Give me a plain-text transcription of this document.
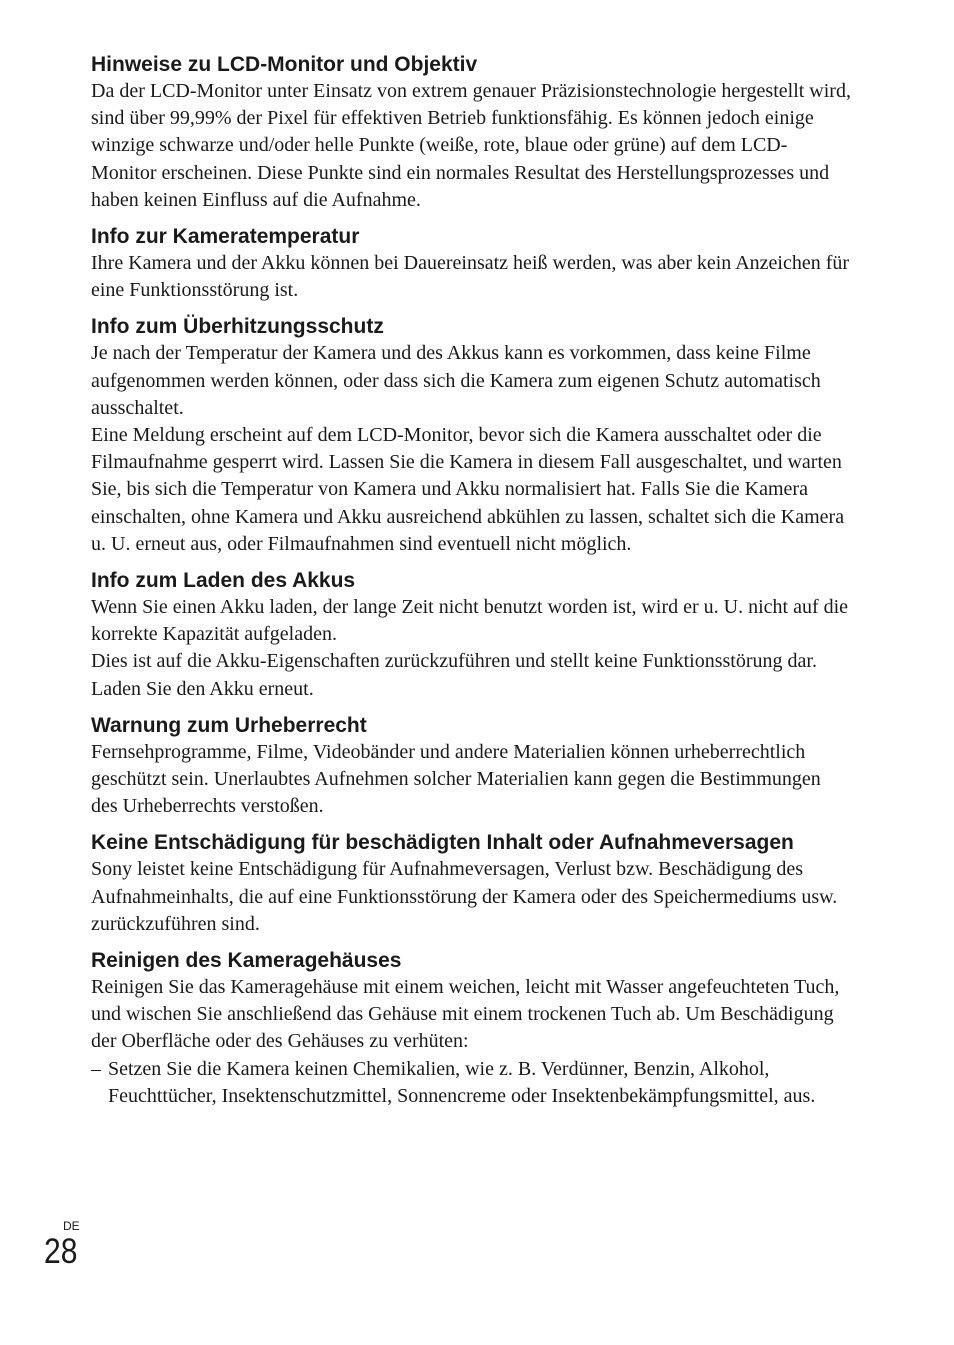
Hinweise zu LCD-Monitor und Objektiv

Da der LCD-Monitor unter Einsatz von extrem genauer Präzisionstechnologie hergestellt wird, sind über 99,99% der Pixel für effektiven Betrieb funktionsfähig. Es können jedoch einige winzige schwarze und/oder helle Punkte (weiße, rote, blaue oder grüne) auf dem LCD-Monitor erscheinen. Diese Punkte sind ein normales Resultat des Herstellungsprozesses und haben keinen Einfluss auf die Aufnahme.

Info zur Kameratemperatur

Ihre Kamera und der Akku können bei Dauereinsatz heiß werden, was aber kein Anzeichen für eine Funktionsstörung ist.

Info zum Überhitzungsschutz

Je nach der Temperatur der Kamera und des Akkus kann es vorkommen, dass keine Filme aufgenommen werden können, oder dass sich die Kamera zum eigenen Schutz automatisch ausschaltet.

Eine Meldung erscheint auf dem LCD-Monitor, bevor sich die Kamera ausschaltet oder die Filmaufnahme gesperrt wird. Lassen Sie die Kamera in diesem Fall ausgeschaltet, und warten Sie, bis sich die Temperatur von Kamera und Akku normalisiert hat. Falls Sie die Kamera einschalten, ohne Kamera und Akku ausreichend abkühlen zu lassen, schaltet sich die Kamera u. U. erneut aus, oder Filmaufnahmen sind eventuell nicht möglich.

Info zum Laden des Akkus

Wenn Sie einen Akku laden, der lange Zeit nicht benutzt worden ist, wird er u. U. nicht auf die korrekte Kapazität aufgeladen.

Dies ist auf die Akku-Eigenschaften zurückzuführen und stellt keine Funktionsstörung dar. Laden Sie den Akku erneut.

Warnung zum Urheberrecht

Fernsehprogramme, Filme, Videobänder und andere Materialien können urheberrechtlich geschützt sein. Unerlaubtes Aufnehmen solcher Materialien kann gegen die Bestimmungen des Urheberrechts verstoßen.

Keine Entschädigung für beschädigten Inhalt oder Aufnahmeversagen

Sony leistet keine Entschädigung für Aufnahmeversagen, Verlust bzw. Beschädigung des Aufnahmeinhalts, die auf eine Funktionsstörung der Kamera oder des Speichermediums usw. zurückzuführen sind.

Reinigen des Kameragehäuses

Reinigen Sie das Kameragehäuse mit einem weichen, leicht mit Wasser angefeuchteten Tuch, und wischen Sie anschließend das Gehäuse mit einem trockenen Tuch ab. Um Beschädigung der Oberfläche oder des Gehäuses zu verhüten:

– Setzen Sie die Kamera keinen Chemikalien, wie z. B. Verdünner, Benzin, Alkohol, Feuchttücher, Insektenschutzmittel, Sonnencreme oder Insektenbekämpfungsmittel, aus.

DE
28
